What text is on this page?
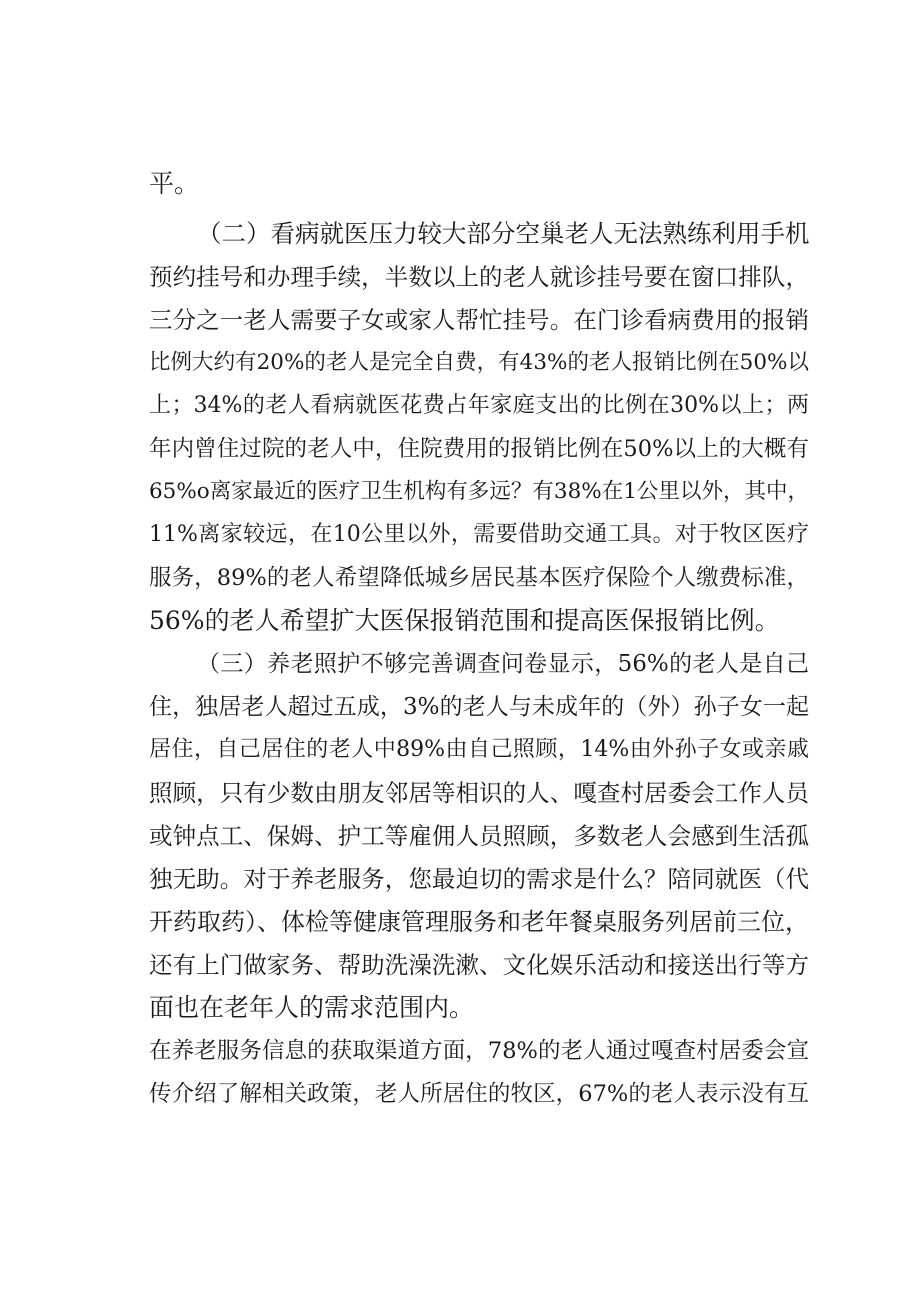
平。
（二）看病就医压力较大部分空巢老人无法熟练利用手机
预约挂号和办理手续，半数以上的老人就诊挂号要在窗口排队，
三分之一老人需要子女或家人帮忙挂号。在门诊看病费用的报销
比例大约有20%的老人是完全自费，有43%的老人报销比例在50%以
上；34%的老人看病就医花费占年家庭支出的比例在30%以上；两
年内曾住过院的老人中，住院费用的报销比例在50%以上的大概有
65%o离家最近的医疗卫生机构有多远？有38%在1公里以外，其中，
11%离家较远，在10公里以外，需要借助交通工具。对于牧区医疗
服务，89%的老人希望降低城乡居民基本医疗保险个人缴费标准，
56%的老人希望扩大医保报销范围和提高医保报销比例。
（三）养老照护不够完善调查问卷显示，56%的老人是自己
住，独居老人超过五成，3%的老人与未成年的（外）孙子女一起
居住，自己居住的老人中89%由自己照顾，14%由外孙子女或亲戚
照顾，只有少数由朋友邻居等相识的人、嘎查村居委会工作人员
或钟点工、保姆、护工等雇佣人员照顾，多数老人会感到生活孤
独无助。对于养老服务，您最迫切的需求是什么？陪同就医（代
开药取药）、体检等健康管理服务和老年餐桌服务列居前三位，
还有上门做家务、帮助洗澡洗漱、文化娱乐活动和接送出行等方
面也在老年人的需求范围内。
在养老服务信息的获取渠道方面，78%的老人通过嘎查村居委会宣
传介绍了解相关政策，老人所居住的牧区，67%的老人表示没有互
